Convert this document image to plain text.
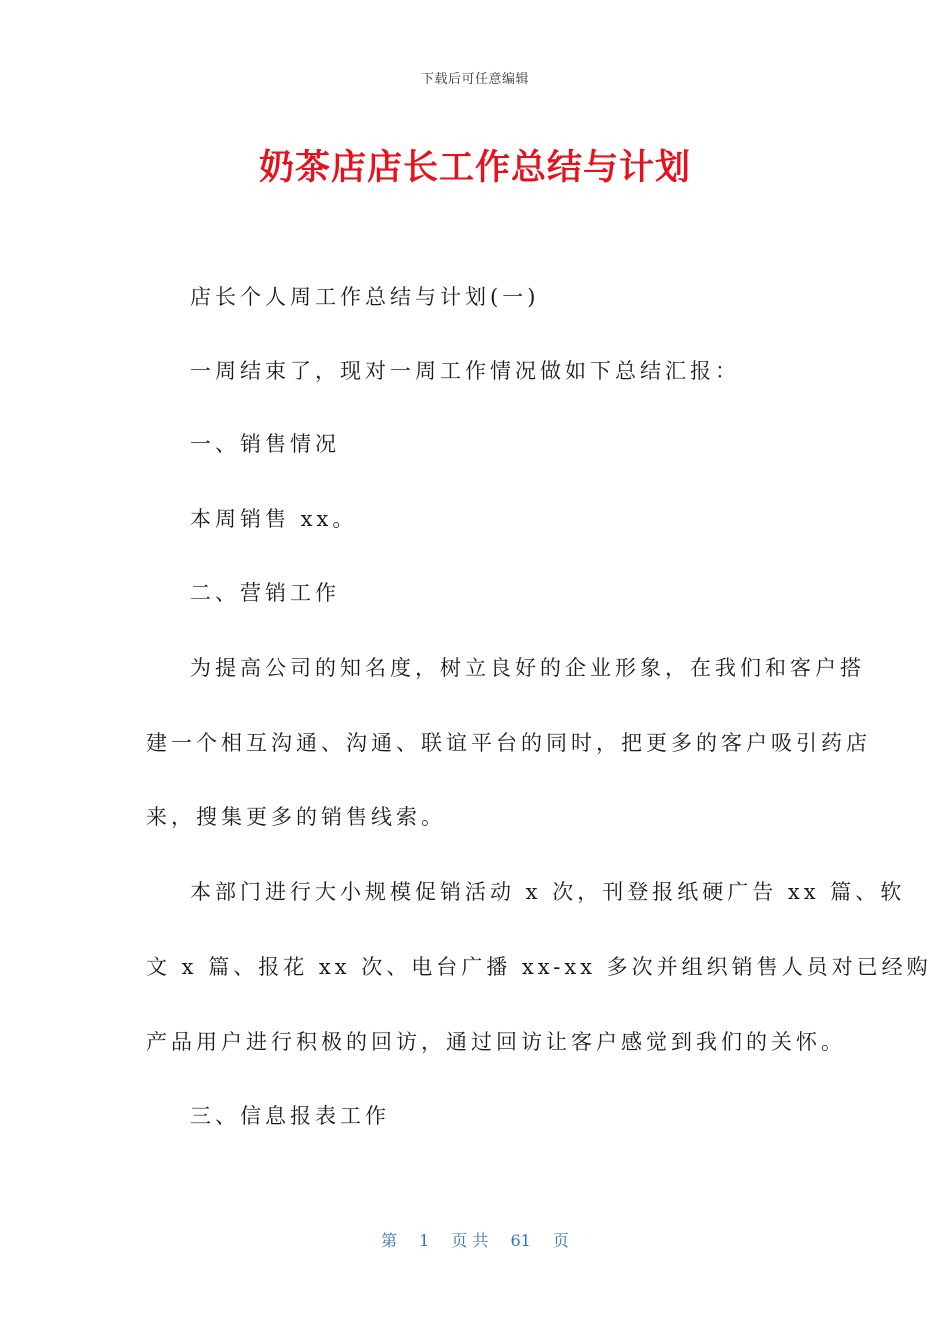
下载后可任意编辑
奶茶店店长工作总结与计划
店长个人周工作总结与计划(一)
一周结束了，现对一周工作情况做如下总结汇报：
一、销售情况
本周销售 xx。
二、营销工作
为提高公司的知名度，树立良好的企业形象，在我们和客户搭
建一个相互沟通、沟通、联谊平台的同时，把更多的客户吸引药店
来，搜集更多的销售线索。
本部门进行大小规模促销活动 x 次，刊登报纸硬广告 xx 篇、软
文 x 篇、报花 xx 次、电台广播 xx-xx 多次并组织销售人员对已经购
产品用户进行积极的回访，通过回访让客户感觉到我们的关怀。
三、信息报表工作
第 1 页 共 61 页
